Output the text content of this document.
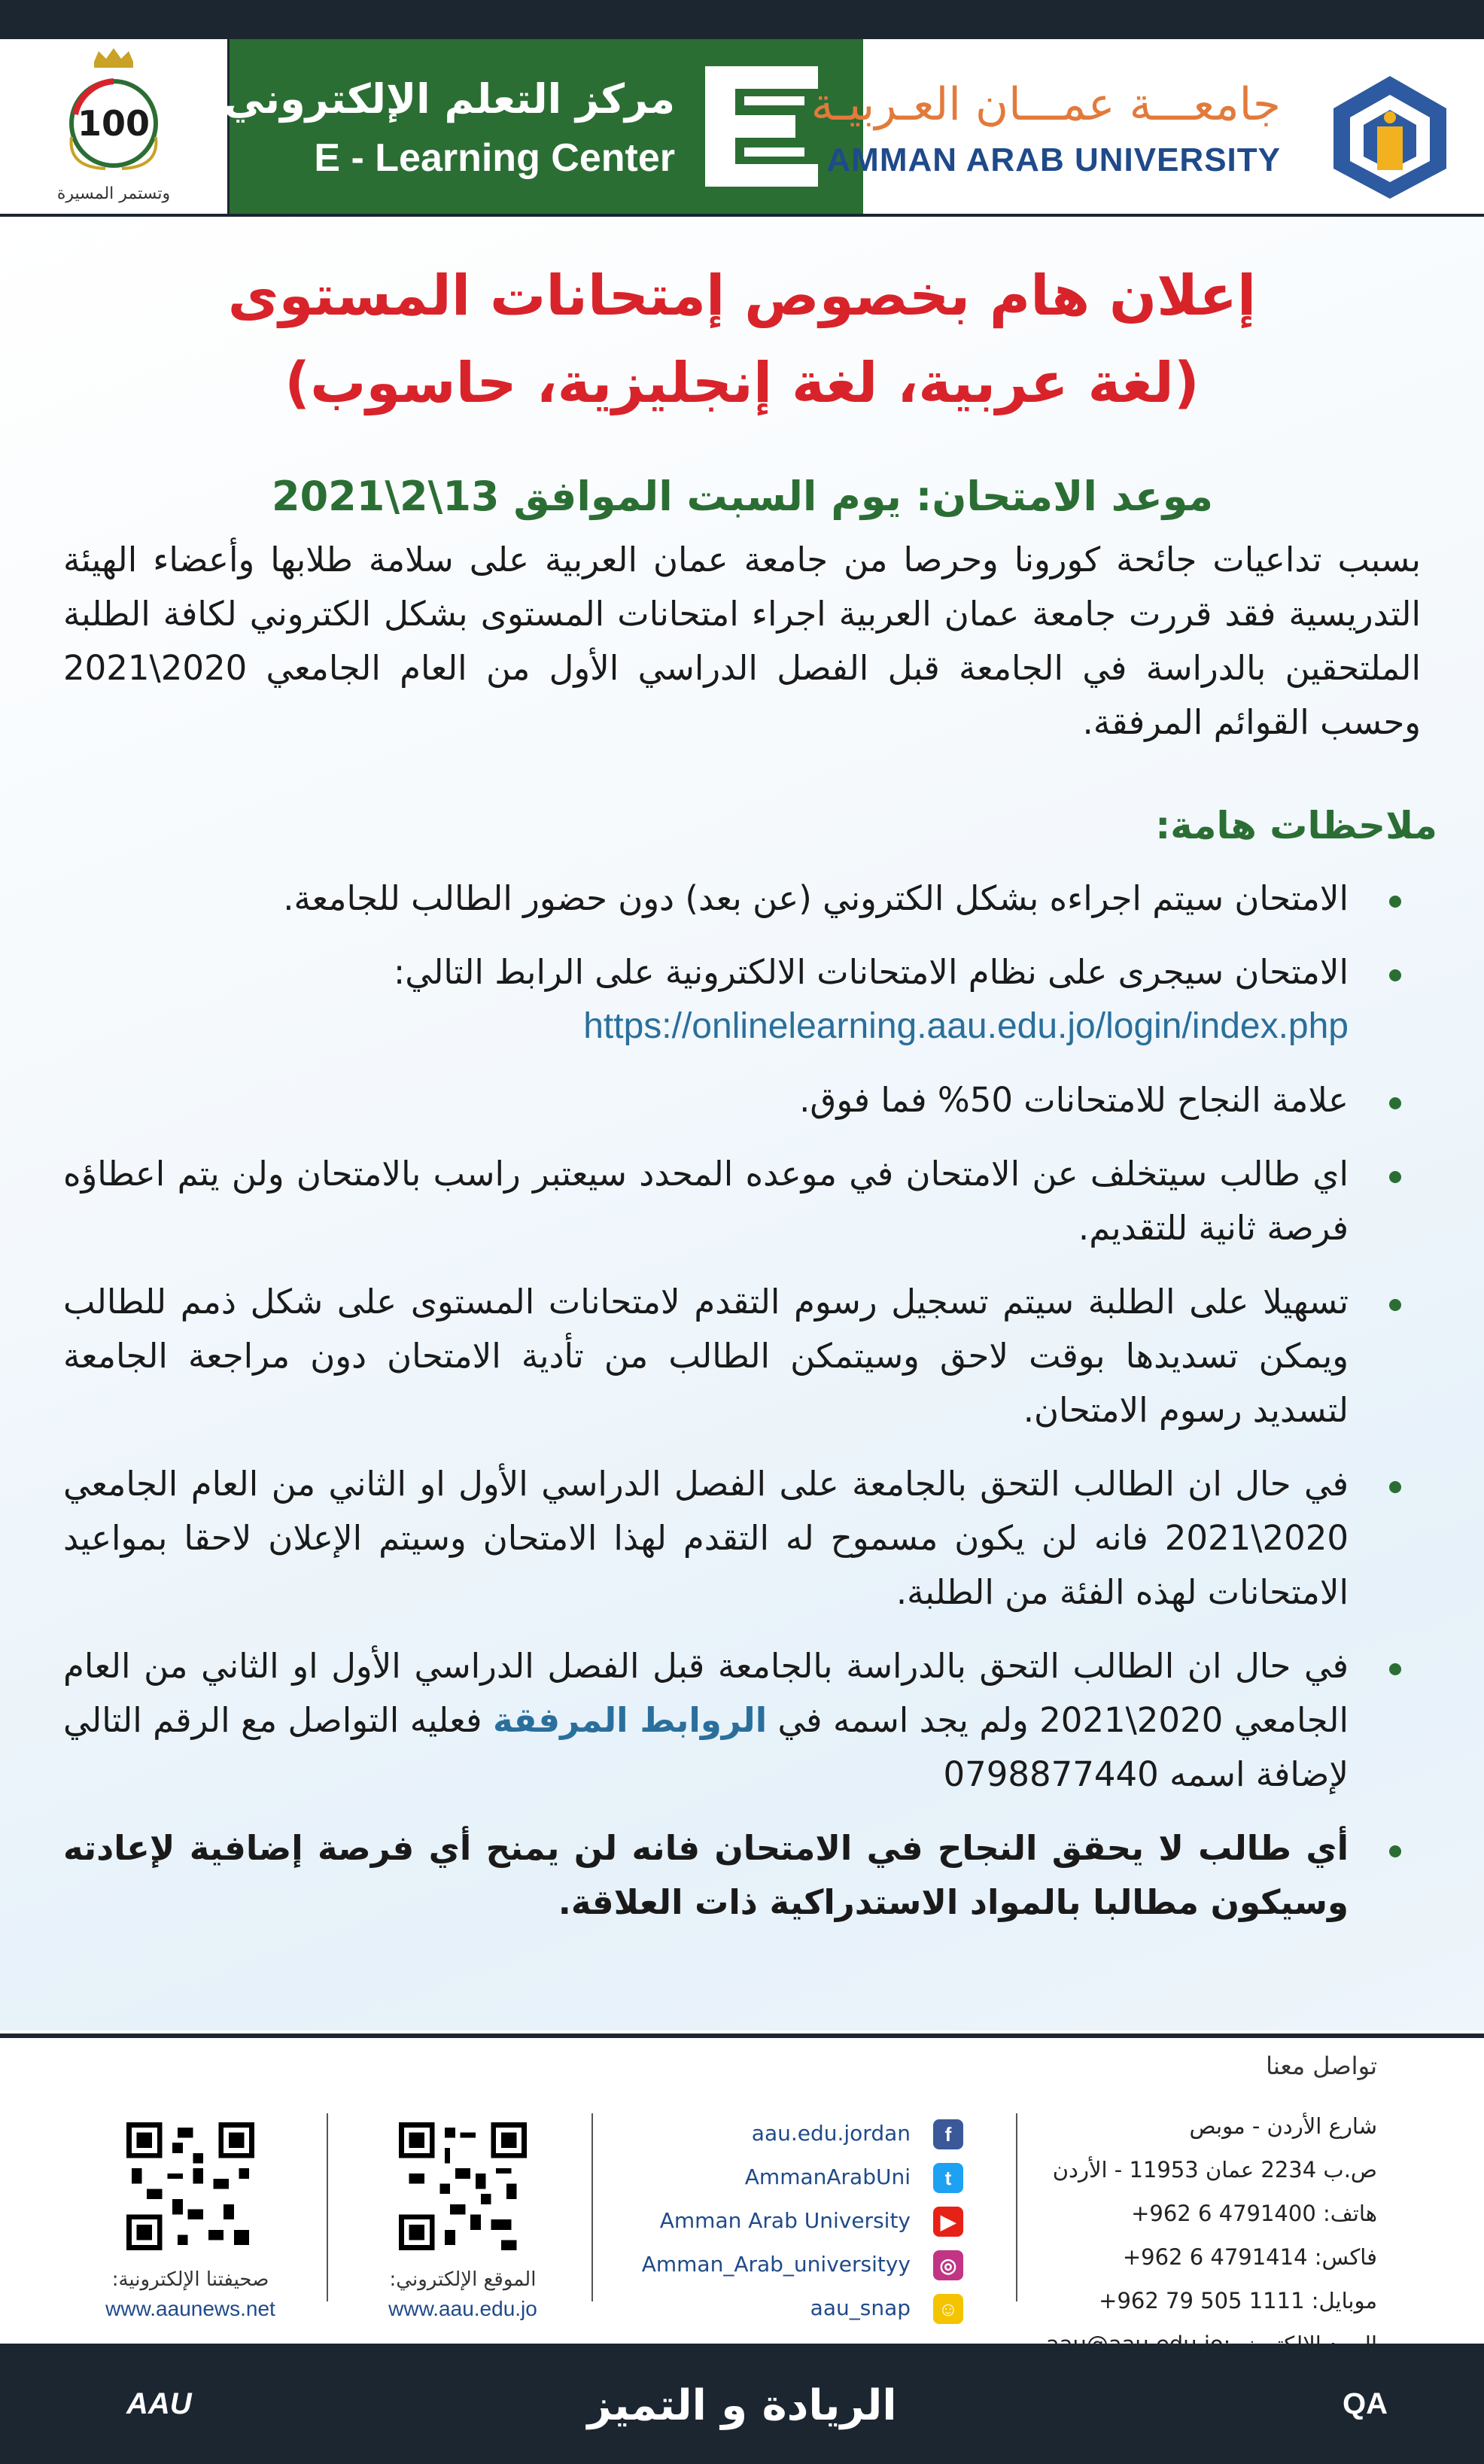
100
وتستمر المسيرة
مركز التعلم الإلكتروني
E - Learning Center
جامعـــة عمـــان العـربيـة
AMMAN ARAB UNIVERSITY
إعلان هام بخصوص إمتحانات المستوى
(لغة عربية، لغة إنجليزية، حاسوب)
موعد الامتحان: يوم السبت الموافق 13\2\2021
بسبب تداعيات جائحة كورونا وحرصا من جامعة عمان العربية على سلامة طلابها وأعضاء الهيئة التدريسية فقد قررت جامعة عمان العربية اجراء امتحانات المستوى بشكل الكتروني لكافة الطلبة الملتحقين بالدراسة في الجامعة قبل الفصل الدراسي الأول من العام الجامعي 2020\2021 وحسب القوائم المرفقة.
ملاحظات هامة:
الامتحان سيتم اجراءه بشكل الكتروني (عن بعد) دون حضور الطالب للجامعة.
الامتحان سيجرى على نظام الامتحانات الالكترونية على الرابط التالي:
https://onlinelearning.aau.edu.jo/login/index.php
علامة النجاح للامتحانات 50% فما فوق.
اي طالب سيتخلف عن الامتحان في موعده المحدد سيعتبر راسب بالامتحان ولن يتم اعطاؤه فرصة ثانية للتقديم.
تسهيلا على الطلبة سيتم تسجيل رسوم التقدم لامتحانات المستوى على شكل ذمم للطالب ويمكن تسديدها بوقت لاحق وسيتمكن الطالب من تأدية الامتحان دون مراجعة الجامعة لتسديد رسوم الامتحان.
في حال ان الطالب التحق بالجامعة على الفصل الدراسي الأول او الثاني من العام الجامعي 2020\2021 فانه لن يكون مسموح له التقدم لهذا الامتحان وسيتم الإعلان لاحقا بمواعيد الامتحانات لهذه الفئة من الطلبة.
في حال ان الطالب التحق بالدراسة بالجامعة قبل الفصل الدراسي الأول او الثاني من العام الجامعي 2020\2021 ولم يجد اسمه في الروابط المرفقة فعليه التواصل مع الرقم التالي لإضافة اسمه 0798877440
أي طالب لا يحقق النجاح في الامتحان فانه لن يمنح أي فرصة إضافية لإعادته وسيكون مطالبا بالمواد الاستدراكية ذات العلاقة.
تواصل معنا
شارع الأردن - موبص
ص.ب 2234 عمان 11953 - الأردن
هاتف: 4791400 6 962+
فاكس: 4791414 6 962+
موبايل: 1111 505 79 962+
f
aau.edu.jordan
t
AmmanArabUni
▶
Amman Arab University
◎
Amman_Arab_universityy
☺
aau_snap
الموقع الإلكتروني:
www.aau.edu.jo
صحيفتنا الإلكترونية:
www.aaunews.net
AAU	الريادة و التميز	QA
